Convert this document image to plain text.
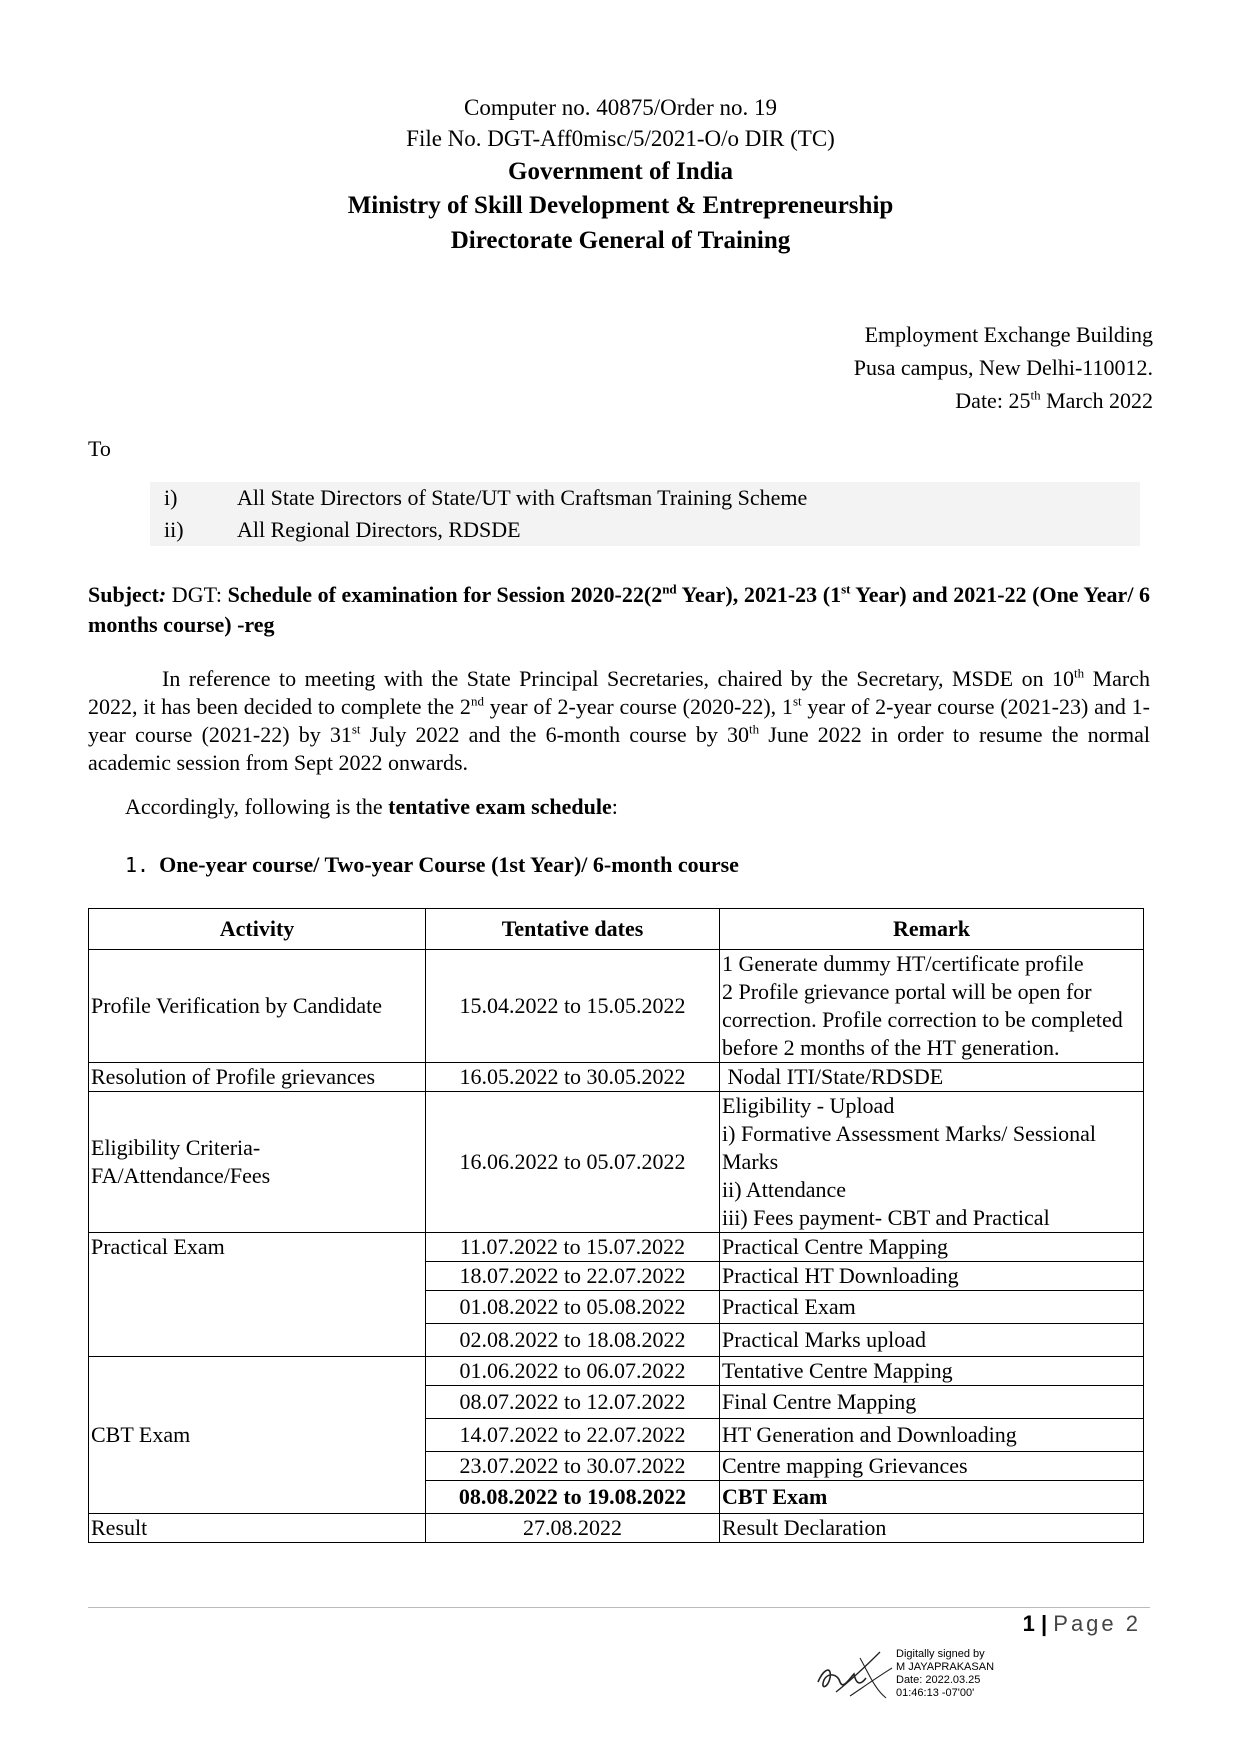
Computer no. 40875/Order no. 19
File No. DGT-Aff0misc/5/2021-O/o DIR (TC)
Government of India
Ministry of Skill Development & Entrepreneurship
Directorate General of Training
Employment Exchange Building
Pusa campus, New Delhi-110012.
Date: 25th March 2022
To
i)	All State Directors of State/UT with Craftsman Training Scheme
ii)	All Regional Directors, RDSDE
Subject: DGT: Schedule of examination for Session 2020-22(2nd Year), 2021-23 (1st Year) and 2021-22 (One Year/ 6 months course) -reg
In reference to meeting with the State Principal Secretaries, chaired by the Secretary, MSDE on 10th March 2022, it has been decided to complete the 2nd year of 2-year course (2020-22), 1st year of 2-year course (2021-23) and 1-year course (2021-22) by 31st July 2022 and the 6-month course by 30th June 2022 in order to resume the normal academic session from Sept 2022 onwards.
Accordingly, following is the tentative exam schedule:
1. One-year course/ Two-year Course (1st Year)/ 6-month course
Activity	Tentative dates	Remark
Profile Verification by Candidate	15.04.2022 to 15.05.2022	1 Generate dummy HT/certificate profile
2 Profile grievance portal will be open for correction. Profile correction to be completed before 2 months of the HT generation.

Resolution of Profile grievances	16.05.2022 to 30.05.2022	Nodal ITI/State/RDSDE
Eligibility Criteria- FA/Attendance/Fees	16.06.2022 to 05.07.2022	Eligibility - Upload
i) Formative Assessment Marks/ Sessional Marks
ii) Attendance
iii) Fees payment- CBT and Practical

Practical Exam	11.07.2022 to 15.07.2022	Practical Centre Mapping
	18.07.2022 to 22.07.2022	Practical HT Downloading
	01.08.2022 to 05.08.2022	Practical Exam
	02.08.2022 to 18.08.2022	Practical Marks upload
CBT Exam	01.06.2022 to 06.07.2022	Tentative Centre Mapping
	08.07.2022 to 12.07.2022	Final Centre Mapping
	14.07.2022 to 22.07.2022	HT Generation and Downloading
	23.07.2022 to 30.07.2022	Centre mapping Grievances
	08.08.2022 to 19.08.2022	CBT Exam
Result	27.08.2022	Result Declaration
1 | Page 2
Digitally signed by
M JAYAPRAKASAN
Date: 2022.03.25
01:46:13 -07'00'
